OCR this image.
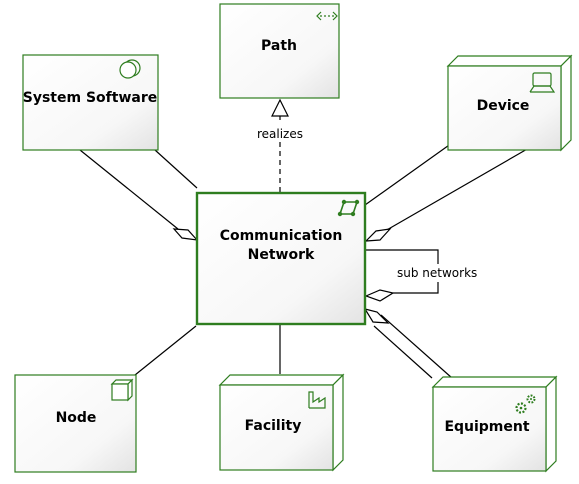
realizes
sub networks
Path
System Software	Device
Communication
Network
Node	Facility	Equipment
